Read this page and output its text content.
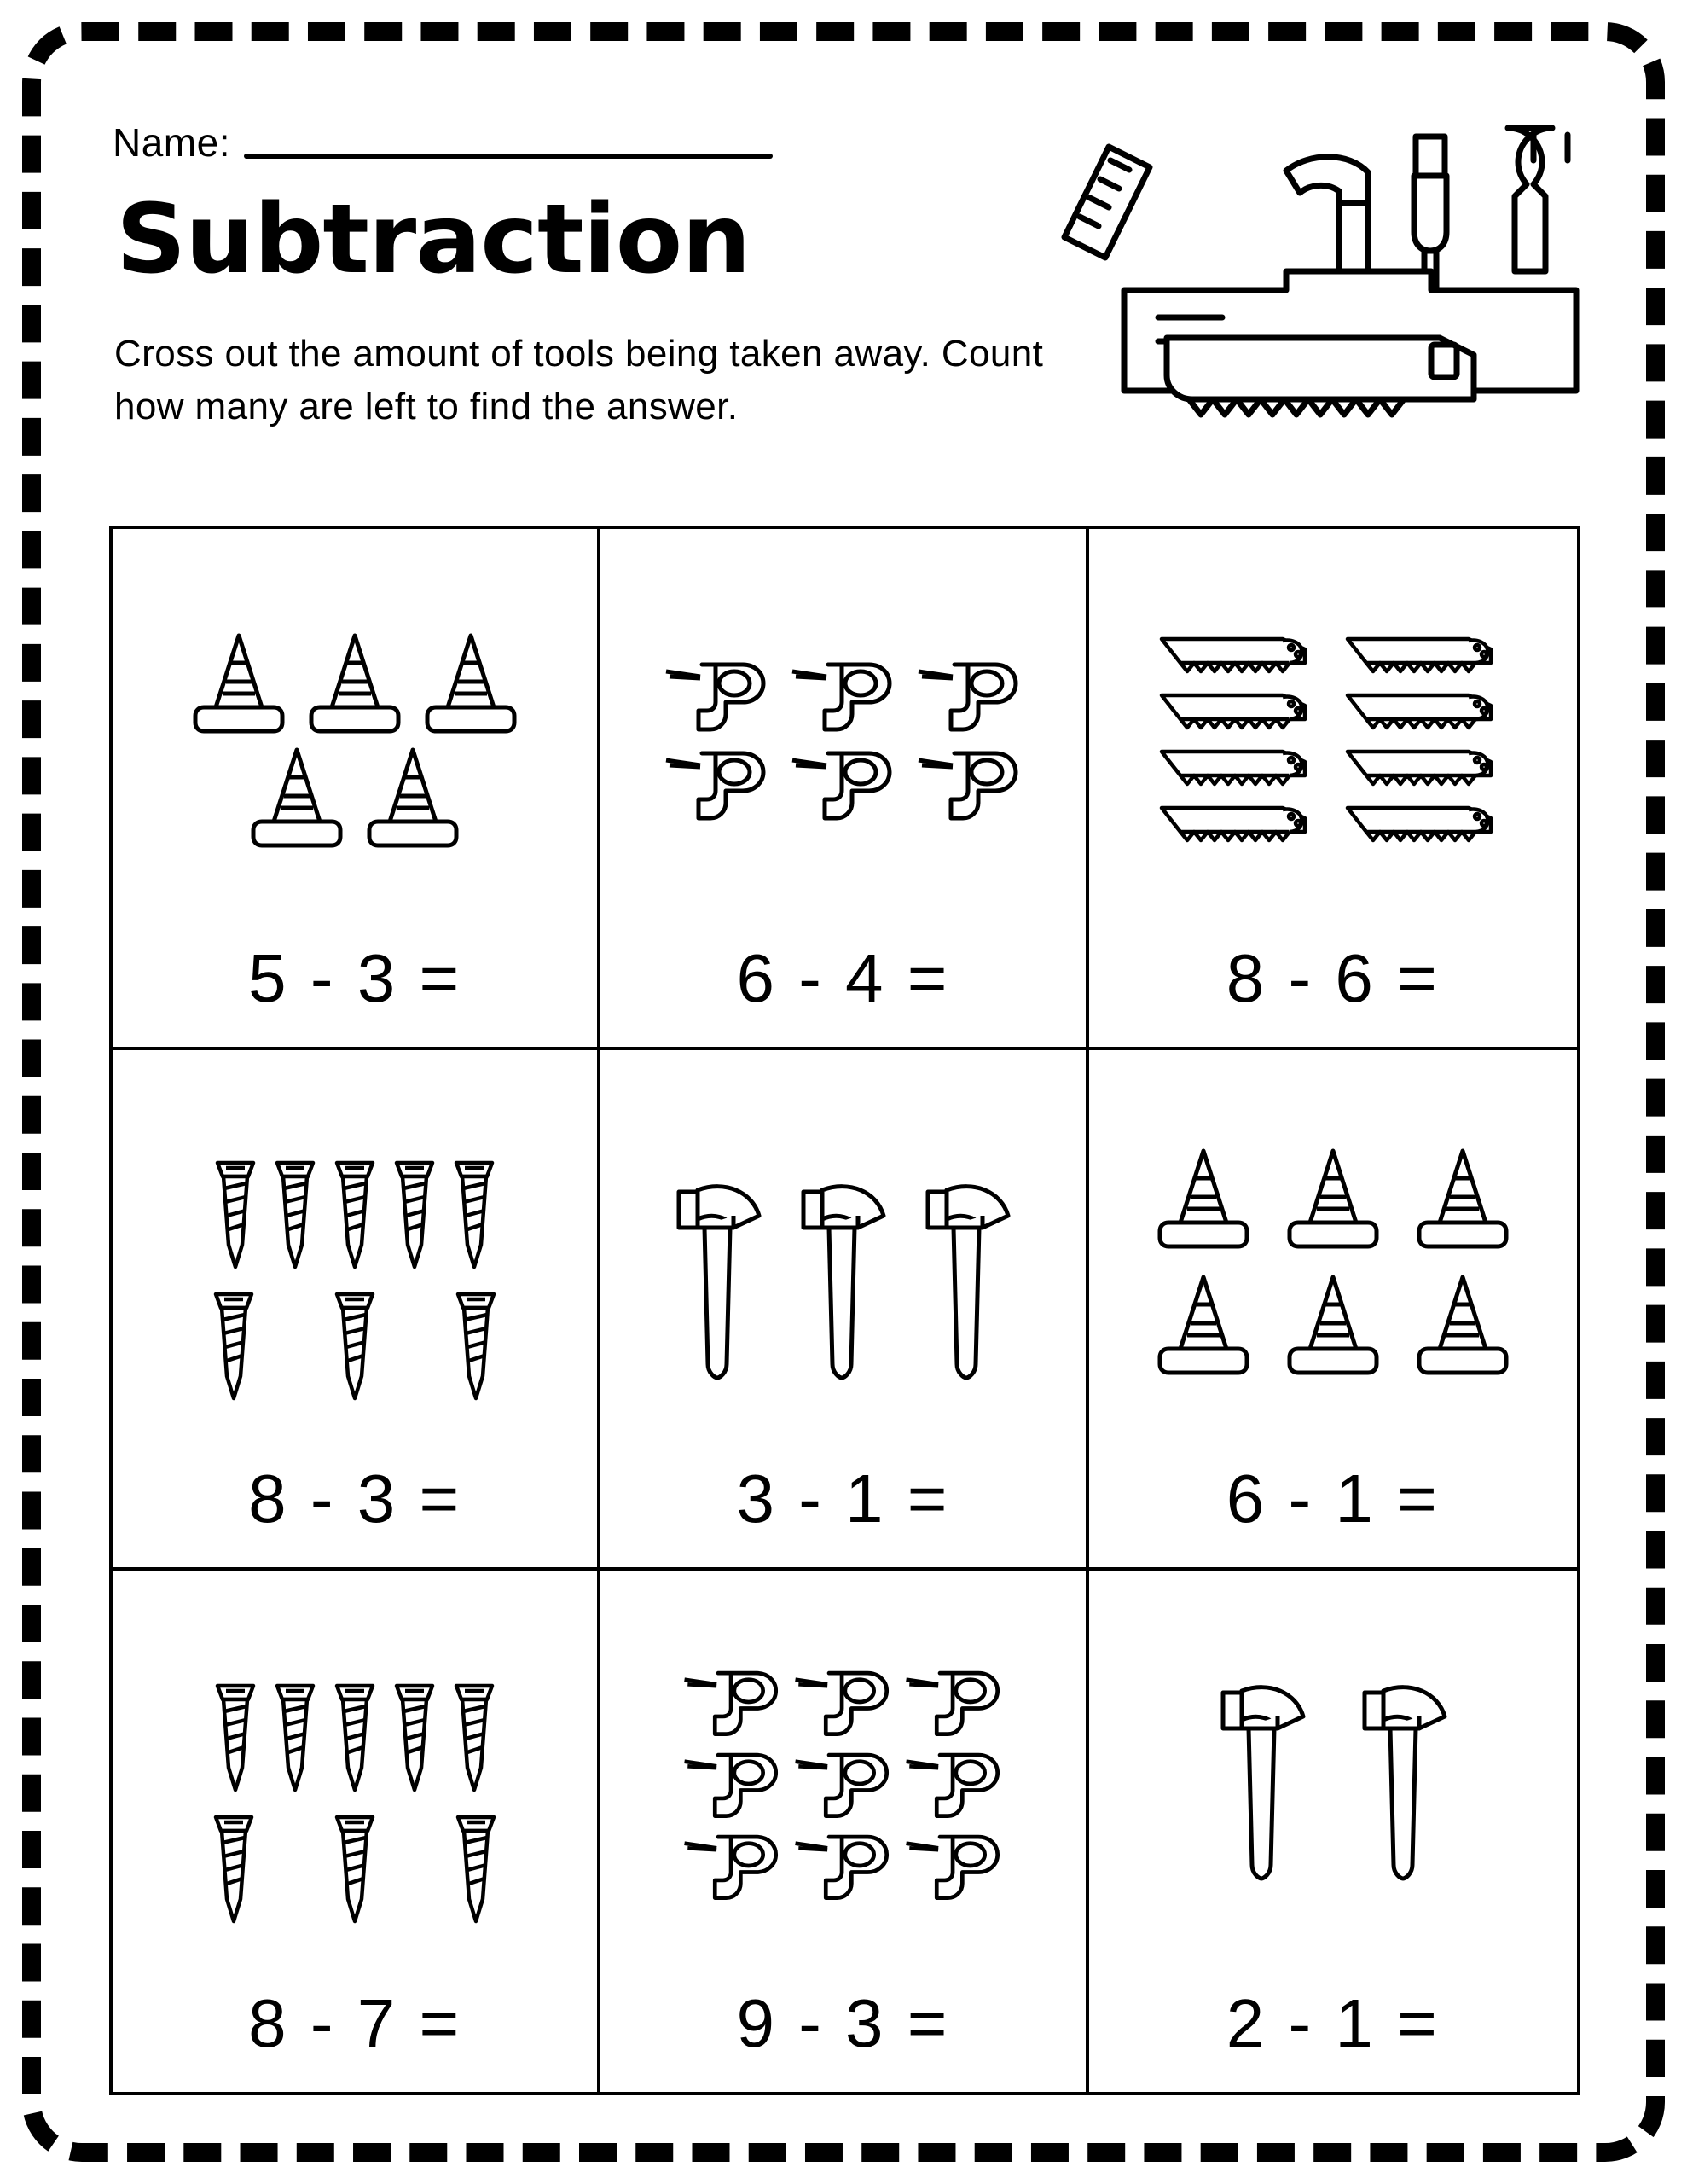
Name:
Subtraction
Cross out the amount of tools being taken away. Count how many are left to find the answer.
5 - 3 =	6 - 4 =	8 - 6 =
8 - 3 =	3 - 1 =	6 - 1 =
8 - 7 =	9 - 3 =	2 - 1 =
